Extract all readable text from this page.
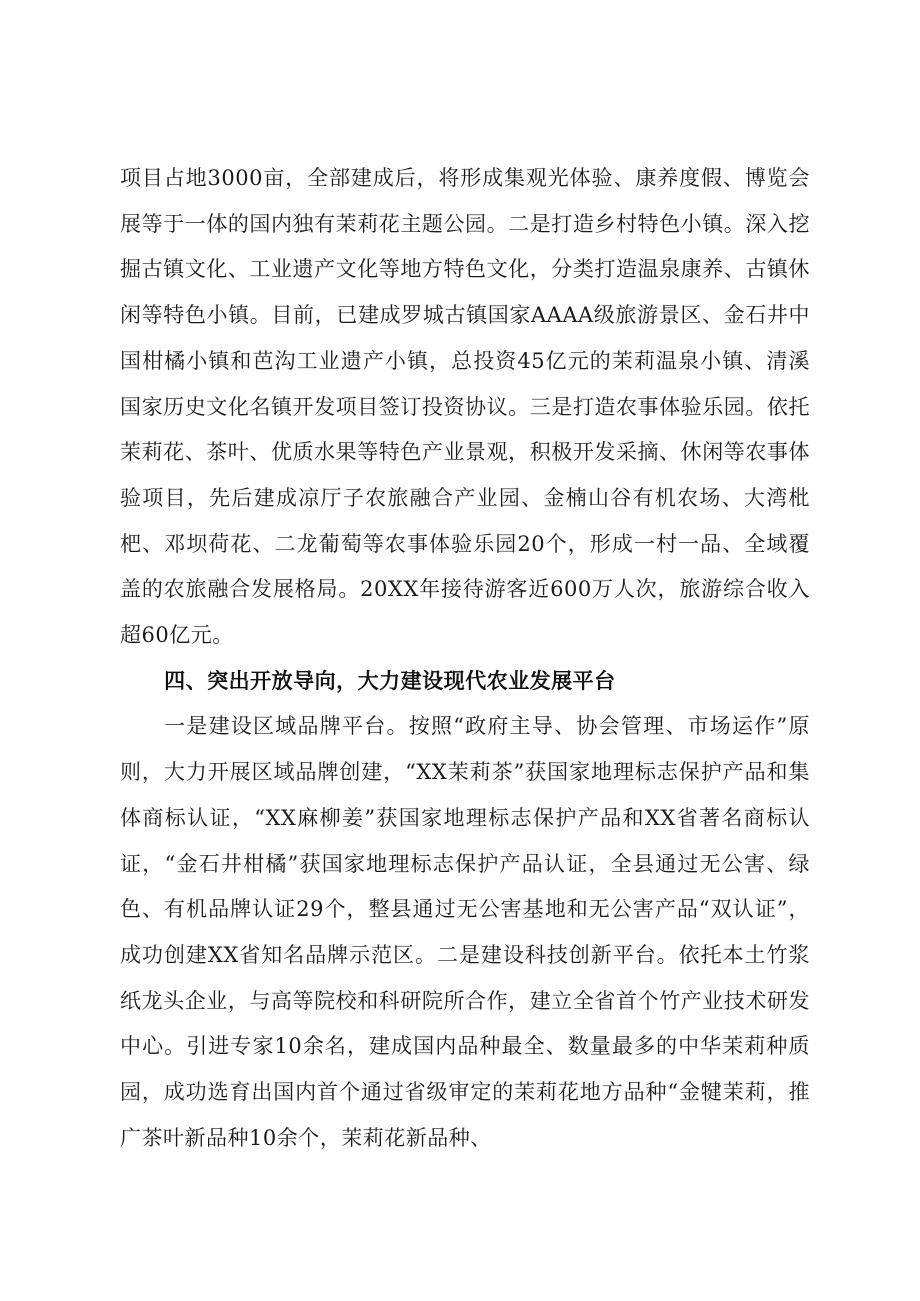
项目占地3000亩，全部建成后，将形成集观光体验、康养度假、博览会展等于一体的国内独有茉莉花主题公园。二是打造乡村特色小镇。深入挖掘古镇文化、工业遗产文化等地方特色文化，分类打造温泉康养、古镇休闲等特色小镇。目前，已建成罗城古镇国家AAAA级旅游景区、金石井中国柑橘小镇和芭沟工业遗产小镇，总投资45亿元的茉莉温泉小镇、清溪国家历史文化名镇开发项目签订投资协议。三是打造农事体验乐园。依托茉莉花、茶叶、优质水果等特色产业景观，积极开发采摘、休闲等农事体验项目，先后建成凉厅子农旅融合产业园、金楠山谷有机农场、大湾枇杷、邓坝荷花、二龙葡萄等农事体验乐园20个，形成一村一品、全域覆盖的农旅融合发展格局。20XX年接待游客近600万人次，旅游综合收入超60亿元。

四、突出开放导向，大力建设现代农业发展平台

一是建设区域品牌平台。按照“政府主导、协会管理、市场运作”原则，大力开展区域品牌创建，“XX茉莉茶”获国家地理标志保护产品和集体商标认证，“XX麻柳姜”获国家地理标志保护产品和XX省著名商标认证，“金石井柑橘”获国家地理标志保护产品认证，全县通过无公害、绿色、有机品牌认证29个，整县通过无公害基地和无公害产品“双认证”，成功创建XX省知名品牌示范区。二是建设科技创新平台。依托本土竹浆纸龙头企业，与高等院校和科研院所合作，建立全省首个竹产业技术研发中心。引进专家10余名，建成国内品种最全、数量最多的中华茉莉种质园，成功选育出国内首个通过省级审定的茉莉花地方品种“金犍茉莉，推广茶叶新品种10余个，茉莉花新品种、
